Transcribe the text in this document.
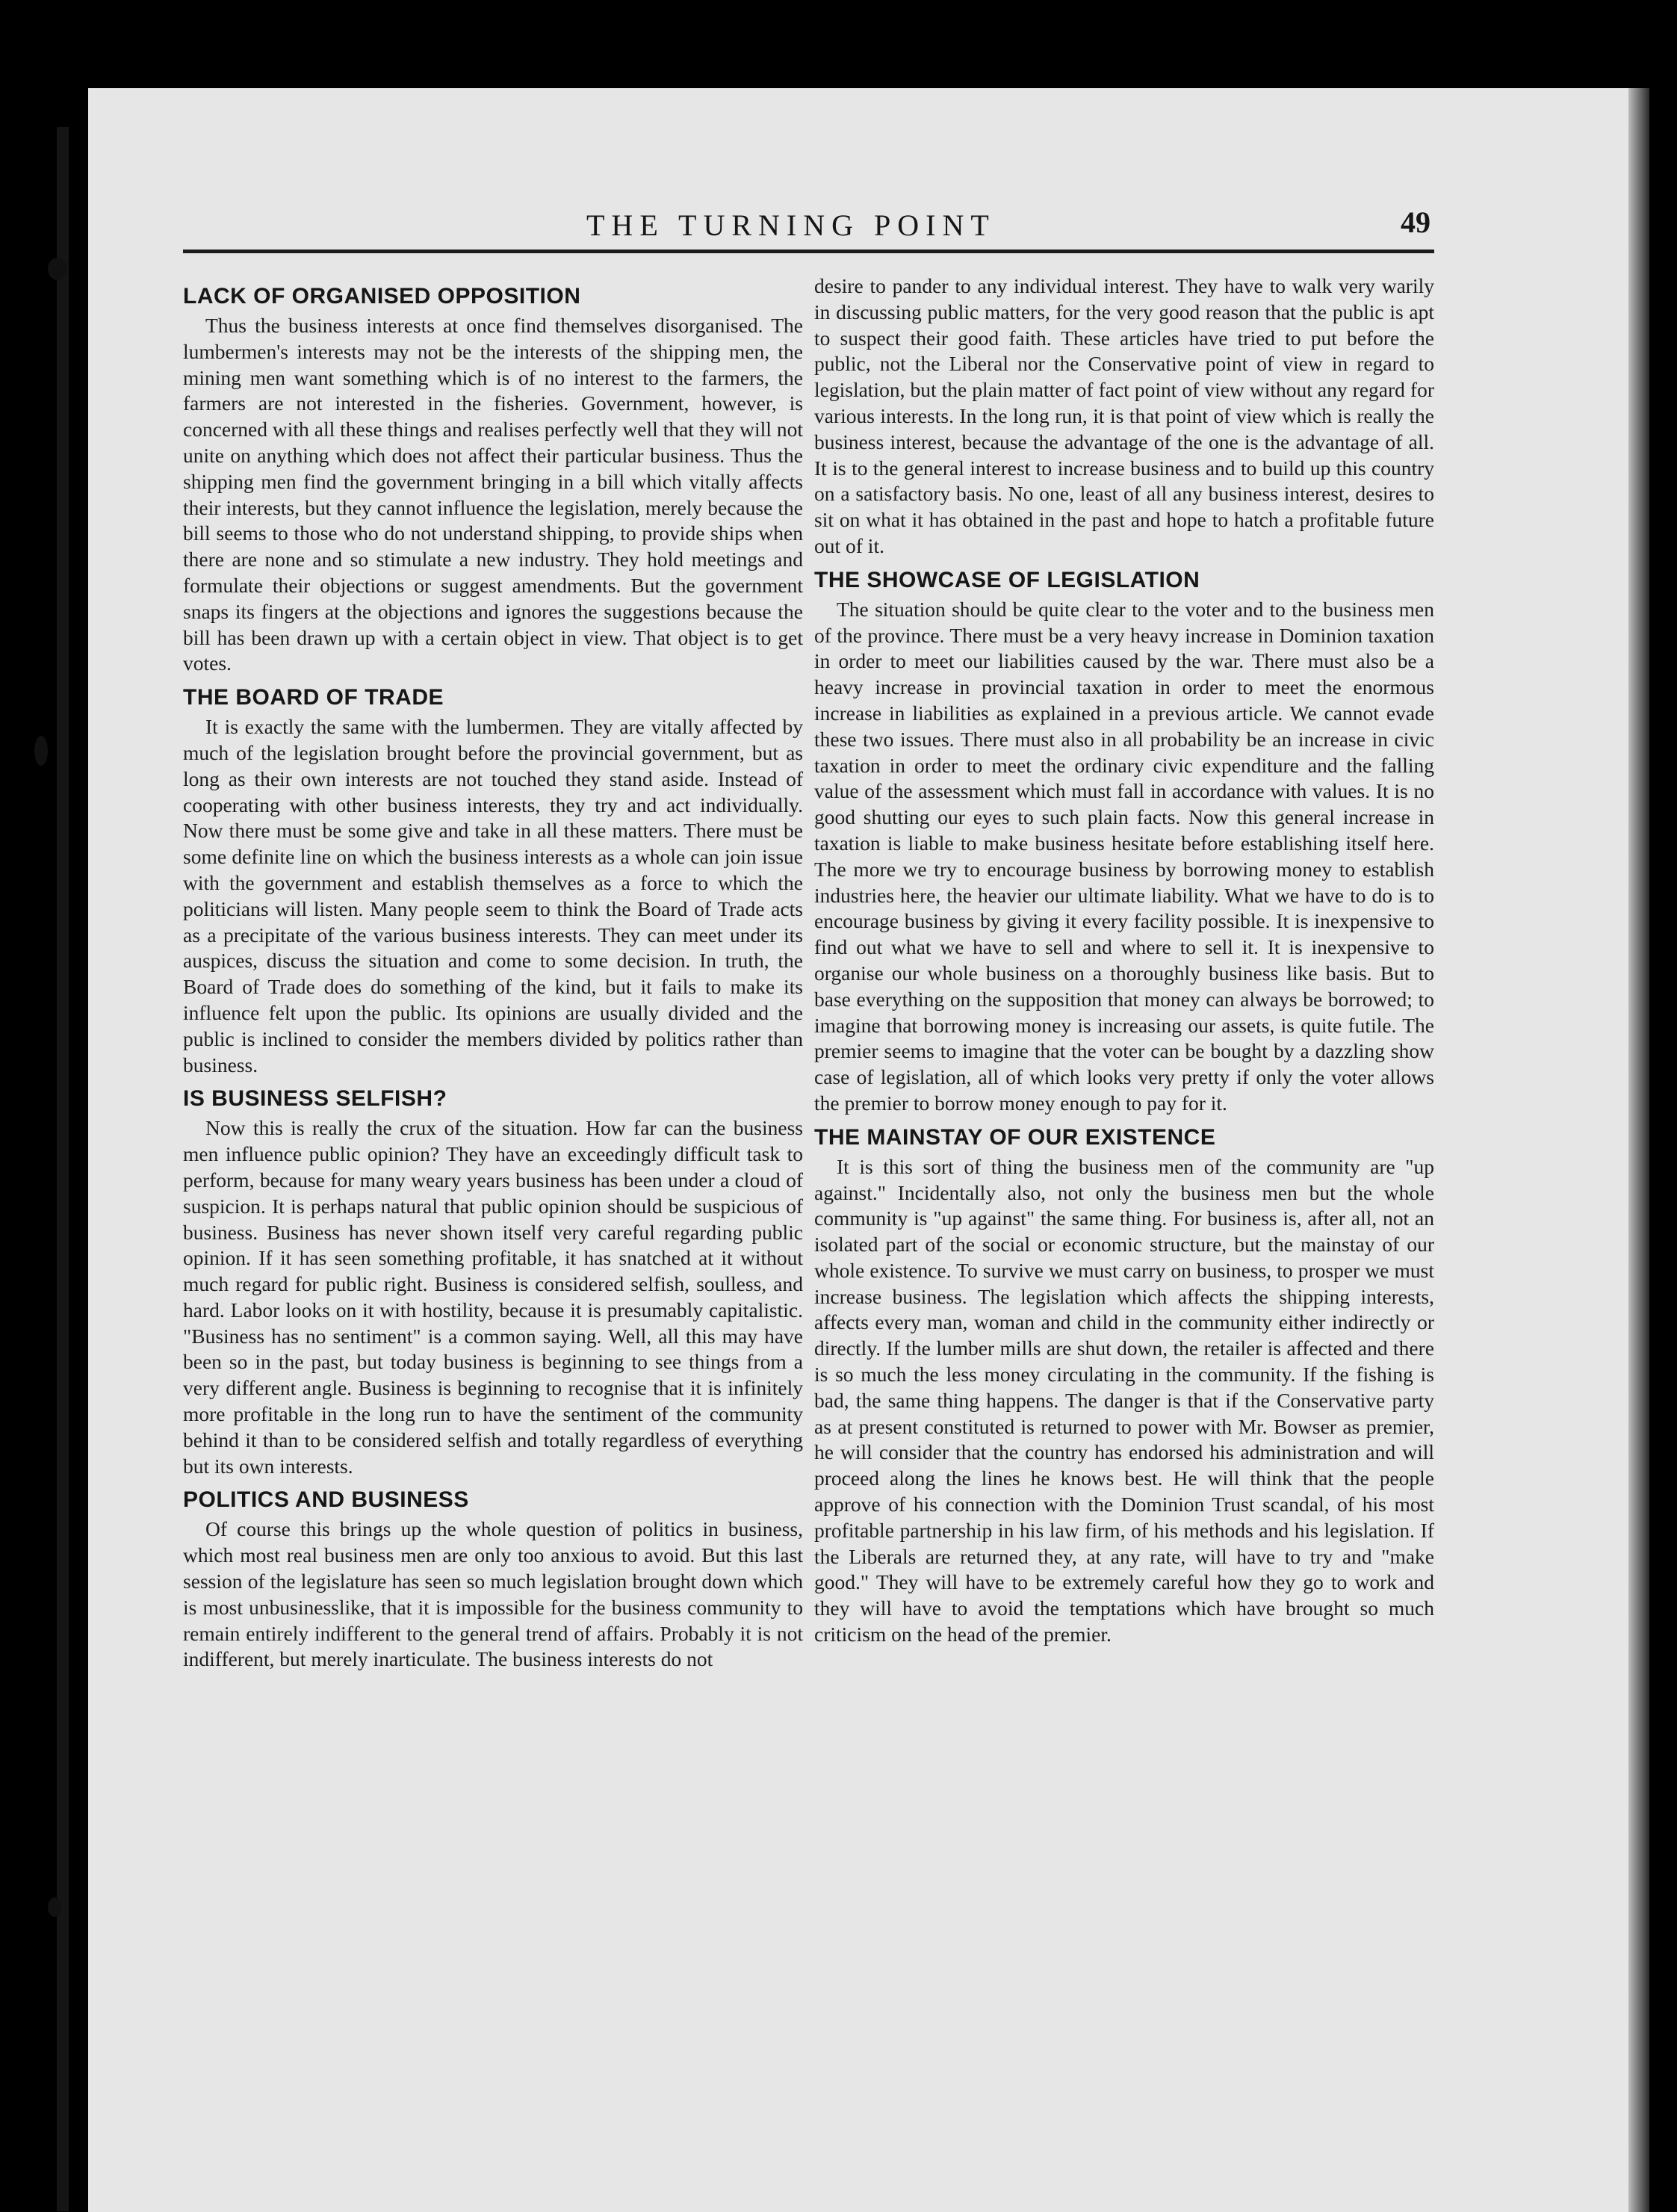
THE TURNING POINT	49
LACK OF ORGANISED OPPOSITION

Thus the business interests at once find themselves disorganised. The lumbermen's interests may not be the interests of the shipping men, the mining men want something which is of no interest to the farmers, the farmers are not interested in the fisheries. Government, however, is concerned with all these things and realises perfectly well that they will not unite on anything which does not affect their particular business. Thus the shipping men find the government bringing in a bill which vitally affects their interests, but they cannot influence the legislation, merely because the bill seems to those who do not understand shipping, to provide ships when there are none and so stimulate a new industry. They hold meetings and formulate their objections or suggest amendments. But the government snaps its fingers at the objections and ignores the suggestions because the bill has been drawn up with a certain object in view. That object is to get votes.

THE BOARD OF TRADE

It is exactly the same with the lumbermen. They are vitally affected by much of the legislation brought before the provincial government, but as long as their own interests are not touched they stand aside. Instead of cooperating with other business interests, they try and act individually. Now there must be some give and take in all these matters. There must be some definite line on which the business interests as a whole can join issue with the government and establish themselves as a force to which the politicians will listen. Many people seem to think the Board of Trade acts as a precipitate of the various business interests. They can meet under its auspices, discuss the situation and come to some decision. In truth, the Board of Trade does do something of the kind, but it fails to make its influence felt upon the public. Its opinions are usually divided and the public is inclined to consider the members divided by politics rather than business.

IS BUSINESS SELFISH?

Now this is really the crux of the situation. How far can the business men influence public opinion? They have an exceedingly difficult task to perform, because for many weary years business has been under a cloud of suspicion. It is perhaps natural that public opinion should be suspicious of business. Business has never shown itself very careful regarding public opinion. If it has seen something profitable, it has snatched at it without much regard for public right. Business is considered selfish, soulless, and hard. Labor looks on it with hostility, because it is presumably capitalistic. "Business has no sentiment" is a common saying. Well, all this may have been so in the past, but today business is beginning to see things from a very different angle. Business is beginning to recognise that it is infinitely more profitable in the long run to have the sentiment of the community behind it than to be considered selfish and totally regardless of everything but its own interests.

POLITICS AND BUSINESS

Of course this brings up the whole question of politics in business, which most real business men are only too anxious to avoid. But this last session of the legislature has seen so much legislation brought down which is most unbusinesslike, that it is impossible for the business community to remain entirely indifferent to the general trend of affairs. Probably it is not indifferent, but merely inarticulate. The business interests do not

desire to pander to any individual interest. They have to walk very warily in discussing public matters, for the very good reason that the public is apt to suspect their good faith. These articles have tried to put before the public, not the Liberal nor the Conservative point of view in regard to legislation, but the plain matter of fact point of view without any regard for various interests. In the long run, it is that point of view which is really the business interest, because the advantage of the one is the advantage of all. It is to the general interest to increase business and to build up this country on a satisfactory basis. No one, least of all any business interest, desires to sit on what it has obtained in the past and hope to hatch a profitable future out of it.

THE SHOWCASE OF LEGISLATION

The situation should be quite clear to the voter and to the business men of the province. There must be a very heavy increase in Dominion taxation in order to meet our liabilities caused by the war. There must also be a heavy increase in provincial taxation in order to meet the enormous increase in liabilities as explained in a previous article. We cannot evade these two issues. There must also in all probability be an increase in civic taxation in order to meet the ordinary civic expenditure and the falling value of the assessment which must fall in accordance with values. It is no good shutting our eyes to such plain facts. Now this general increase in taxation is liable to make business hesitate before establishing itself here. The more we try to encourage business by borrowing money to establish industries here, the heavier our ultimate liability. What we have to do is to encourage business by giving it every facility possible. It is inexpensive to find out what we have to sell and where to sell it. It is inexpensive to organise our whole business on a thoroughly business like basis. But to base everything on the supposition that money can always be borrowed; to imagine that borrowing money is increasing our assets, is quite futile. The premier seems to imagine that the voter can be bought by a dazzling show case of legislation, all of which looks very pretty if only the voter allows the premier to borrow money enough to pay for it.

THE MAINSTAY OF OUR EXISTENCE

It is this sort of thing the business men of the community are "up against." Incidentally also, not only the business men but the whole community is "up against" the same thing. For business is, after all, not an isolated part of the social or economic structure, but the mainstay of our whole existence. To survive we must carry on business, to prosper we must increase business. The legislation which affects the shipping interests, affects every man, woman and child in the community either indirectly or directly. If the lumber mills are shut down, the retailer is affected and there is so much the less money circulating in the community. If the fishing is bad, the same thing happens. The danger is that if the Conservative party as at present constituted is returned to power with Mr. Bowser as premier, he will consider that the country has endorsed his administration and will proceed along the lines he knows best. He will think that the people approve of his connection with the Dominion Trust scandal, of his most profitable partnership in his law firm, of his methods and his legislation. If the Liberals are returned they, at any rate, will have to try and "make good." They will have to be extremely careful how they go to work and they will have to avoid the temptations which have brought so much criticism on the head of the premier.
